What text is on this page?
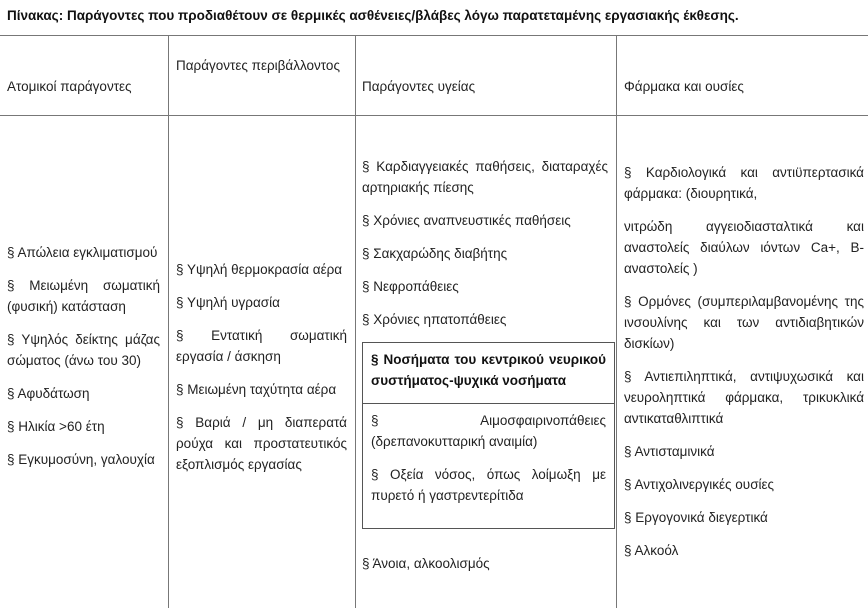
Πίνακας: Παράγοντες που προδιαθέτουν σε θερμικές ασθένειες/βλάβες λόγω παρατεταμένης εργασιακής έκθεσης.
Ατομικοί παράγοντες
Παράγοντες περιβάλλοντος
Παράγοντες υγείας	Φάρμακα και ουσίες

§ Απώλεια εγκλιματισμού

§ Μειωμένη σωματική (φυσική) κατάσταση

§ Υψηλός δείκτης μάζας σώματος (άνω του 30)

§ Αφυδάτωση

§ Ηλικία >60 έτη

§ Εγκυμοσύνη, γαλουχία

§ Υψηλή θερμοκρασία αέρα

§ Υψηλή υγρασία

§ Εντατική σωματική εργασία / άσκηση

§ Μειωμένη ταχύτητα αέρα

§ Βαριά / μη διαπερατά ρούχα και προστατευτικός εξοπλισμός εργασίας

§ Καρδιαγγειακές παθήσεις, διαταραχές αρτηριακής πίεσης

§ Χρόνιες αναπνευστικές παθήσεις

§ Σακχαρώδης διαβήτης

§ Νεφροπάθειες

§ Χρόνιες ηπατοπάθειες

§ Νοσήματα του κεντρικού νευρικού συστήματος-ψυχικά νοσήματα

§ Αιμοσφαιρινοπάθειες (δρεπανοκυτταρική αναιμία)

§ Οξεία νόσος, όπως λοίμωξη με πυρετό ή γαστρεντερίτιδα

§ Άνοια, αλκοολισμός

§ Καρδιολογικά και αντιϋπερτασικά φάρμακα: (διουρητικά,

νιτρώδη αγγειοδιασταλτικά και αναστολείς διαύλων ιόντων Ca+, Β-αναστολείς )

§ Ορμόνες (συμπεριλαμβανομένης της ινσουλίνης και των αντιδιαβητικών δισκίων)

§ Αντιεπιληπτικά, αντιψυχωσικά και νευροληπτικά φάρμακα, τρικυκλικά αντικαταθλιπτικά

§ Αντισταμινικά

§ Αντιχολινεργικές ουσίες

§ Εργογονικά διεγερτικά

§ Αλκοόλ
